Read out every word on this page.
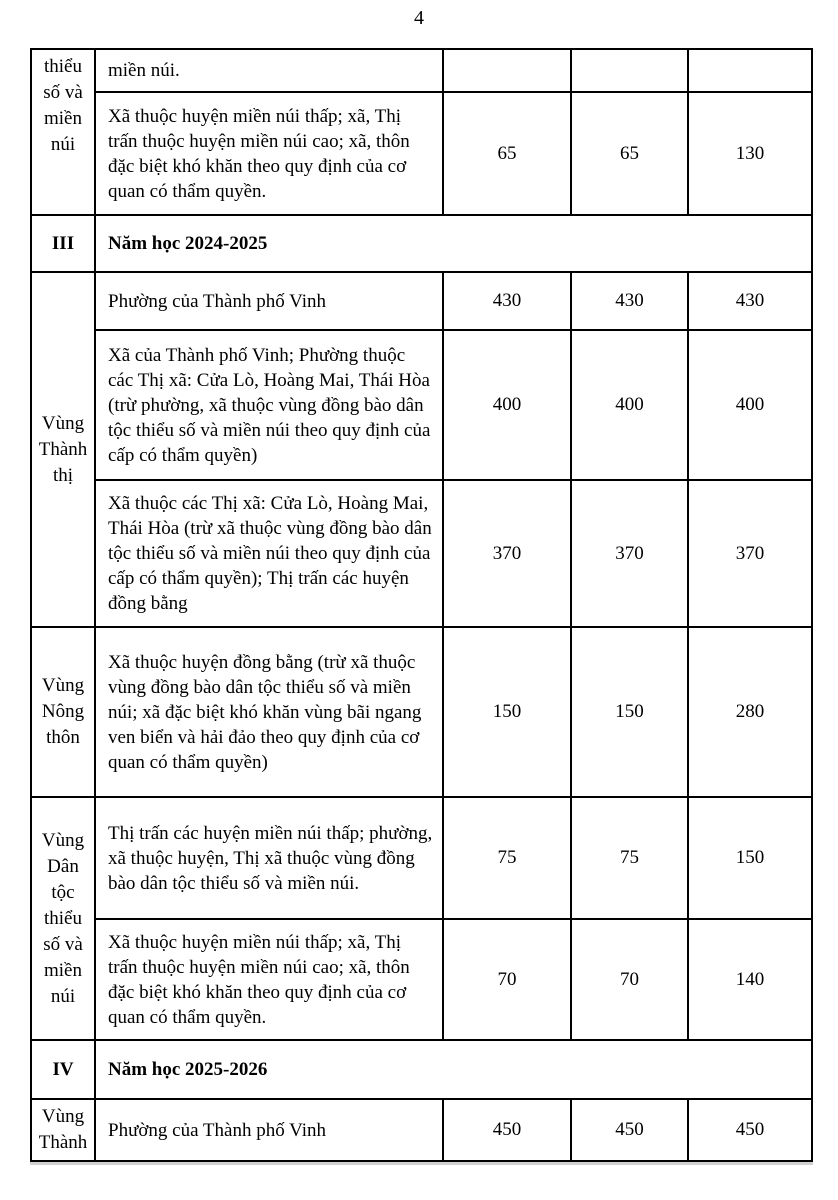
4
thiểu số và miền núi	miền núi.			
	Xã thuộc huyện miền núi thấp; xã, Thị trấn thuộc huyện miền núi cao; xã, thôn đặc biệt khó khăn theo quy định của cơ quan có thẩm quyền.	65	65	130
III	Năm học 2024-2025			
Vùng Thành thị	Phường của Thành phố Vinh	430	430	430
	Xã của Thành phố Vinh; Phường thuộc các Thị xã: Cửa Lò, Hoàng Mai, Thái Hòa (trừ phường, xã thuộc vùng đồng bào dân tộc thiểu số và miền núi theo quy định của cấp có thẩm quyền)	400	400	400
	Xã thuộc các Thị xã: Cửa Lò, Hoàng Mai, Thái Hòa (trừ xã thuộc vùng đồng bào dân tộc thiểu số và miền núi theo quy định của cấp có thẩm quyền); Thị trấn các huyện đồng bằng	370	370	370
Vùng Nông thôn	Xã thuộc huyện đồng bằng (trừ xã thuộc vùng đồng bào dân tộc thiểu số và miền núi; xã đặc biệt khó khăn vùng bãi ngang ven biển và hải đảo theo quy định của cơ quan có thẩm quyền)	150	150	280
Vùng Dân tộc thiểu số và miền núi	Thị trấn các huyện miền núi thấp; phường, xã thuộc huyện, Thị xã thuộc vùng đồng bào dân tộc thiểu số và miền núi.	75	75	150
	Xã thuộc huyện miền núi thấp; xã, Thị trấn thuộc huyện miền núi cao; xã, thôn đặc biệt khó khăn theo quy định của cơ quan có thẩm quyền.	70	70	140
IV	Năm học 2025-2026			
Vùng Thành	Phường của Thành phố Vinh	450	450	450
